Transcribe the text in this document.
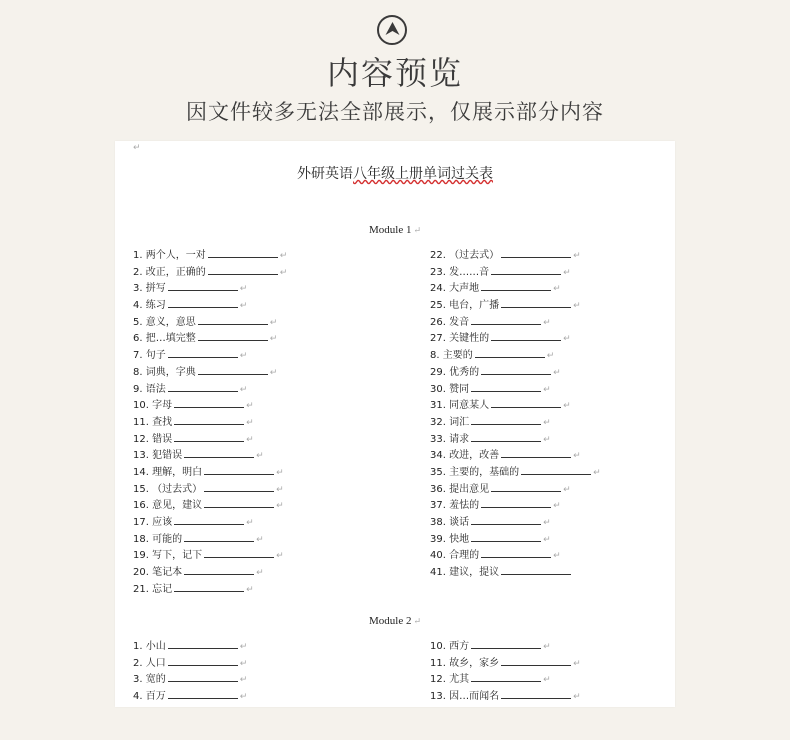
内容预览
因文件较多无法全部展示，仅展示部分内容
↵
外研英语八年级上册单词过关表
Module 1 ↵
1. 两个人，一对	↵
2. 改正，正确的	↵
3. 拼写	↵
4. 练习	↵
5. 意义，意思	↵
6. 把…填完整	↵
7. 句子	↵
8. 词典，字典	↵
9. 语法	↵
10. 字母	↵
11. 查找	↵
12. 错误	↵
13. 犯错误	↵
14. 理解，明白	↵
15. （过去式）	↵
16. 意见，建议	↵
17. 应该	↵
18. 可能的	↵
19. 写下，记下	↵
20. 笔记本	↵
21. 忘记	↵
22. （过去式）	↵
23. 发……音	↵
24. 大声地	↵
25. 电台，广播	↵
26. 发音	↵
27. 关键性的	↵
8. 主要的	↵
29. 优秀的	↵
30. 赞同	↵
31. 同意某人	↵
32. 词汇	↵
33. 请求	↵
34. 改进，改善	↵
35. 主要的，基础的	↵
36. 提出意见	↵
37. 羞怯的	↵
38. 谈话	↵
39. 快地	↵
40. 合理的	↵
41. 建议，提议
Module 2 ↵
1. 小山	↵
2. 人口	↵
3. 宽的	↵
4. 百万	↵
10. 西方	↵
11. 故乡，家乡	↵
12. 尤其	↵
13. 因…而闻名	↵
